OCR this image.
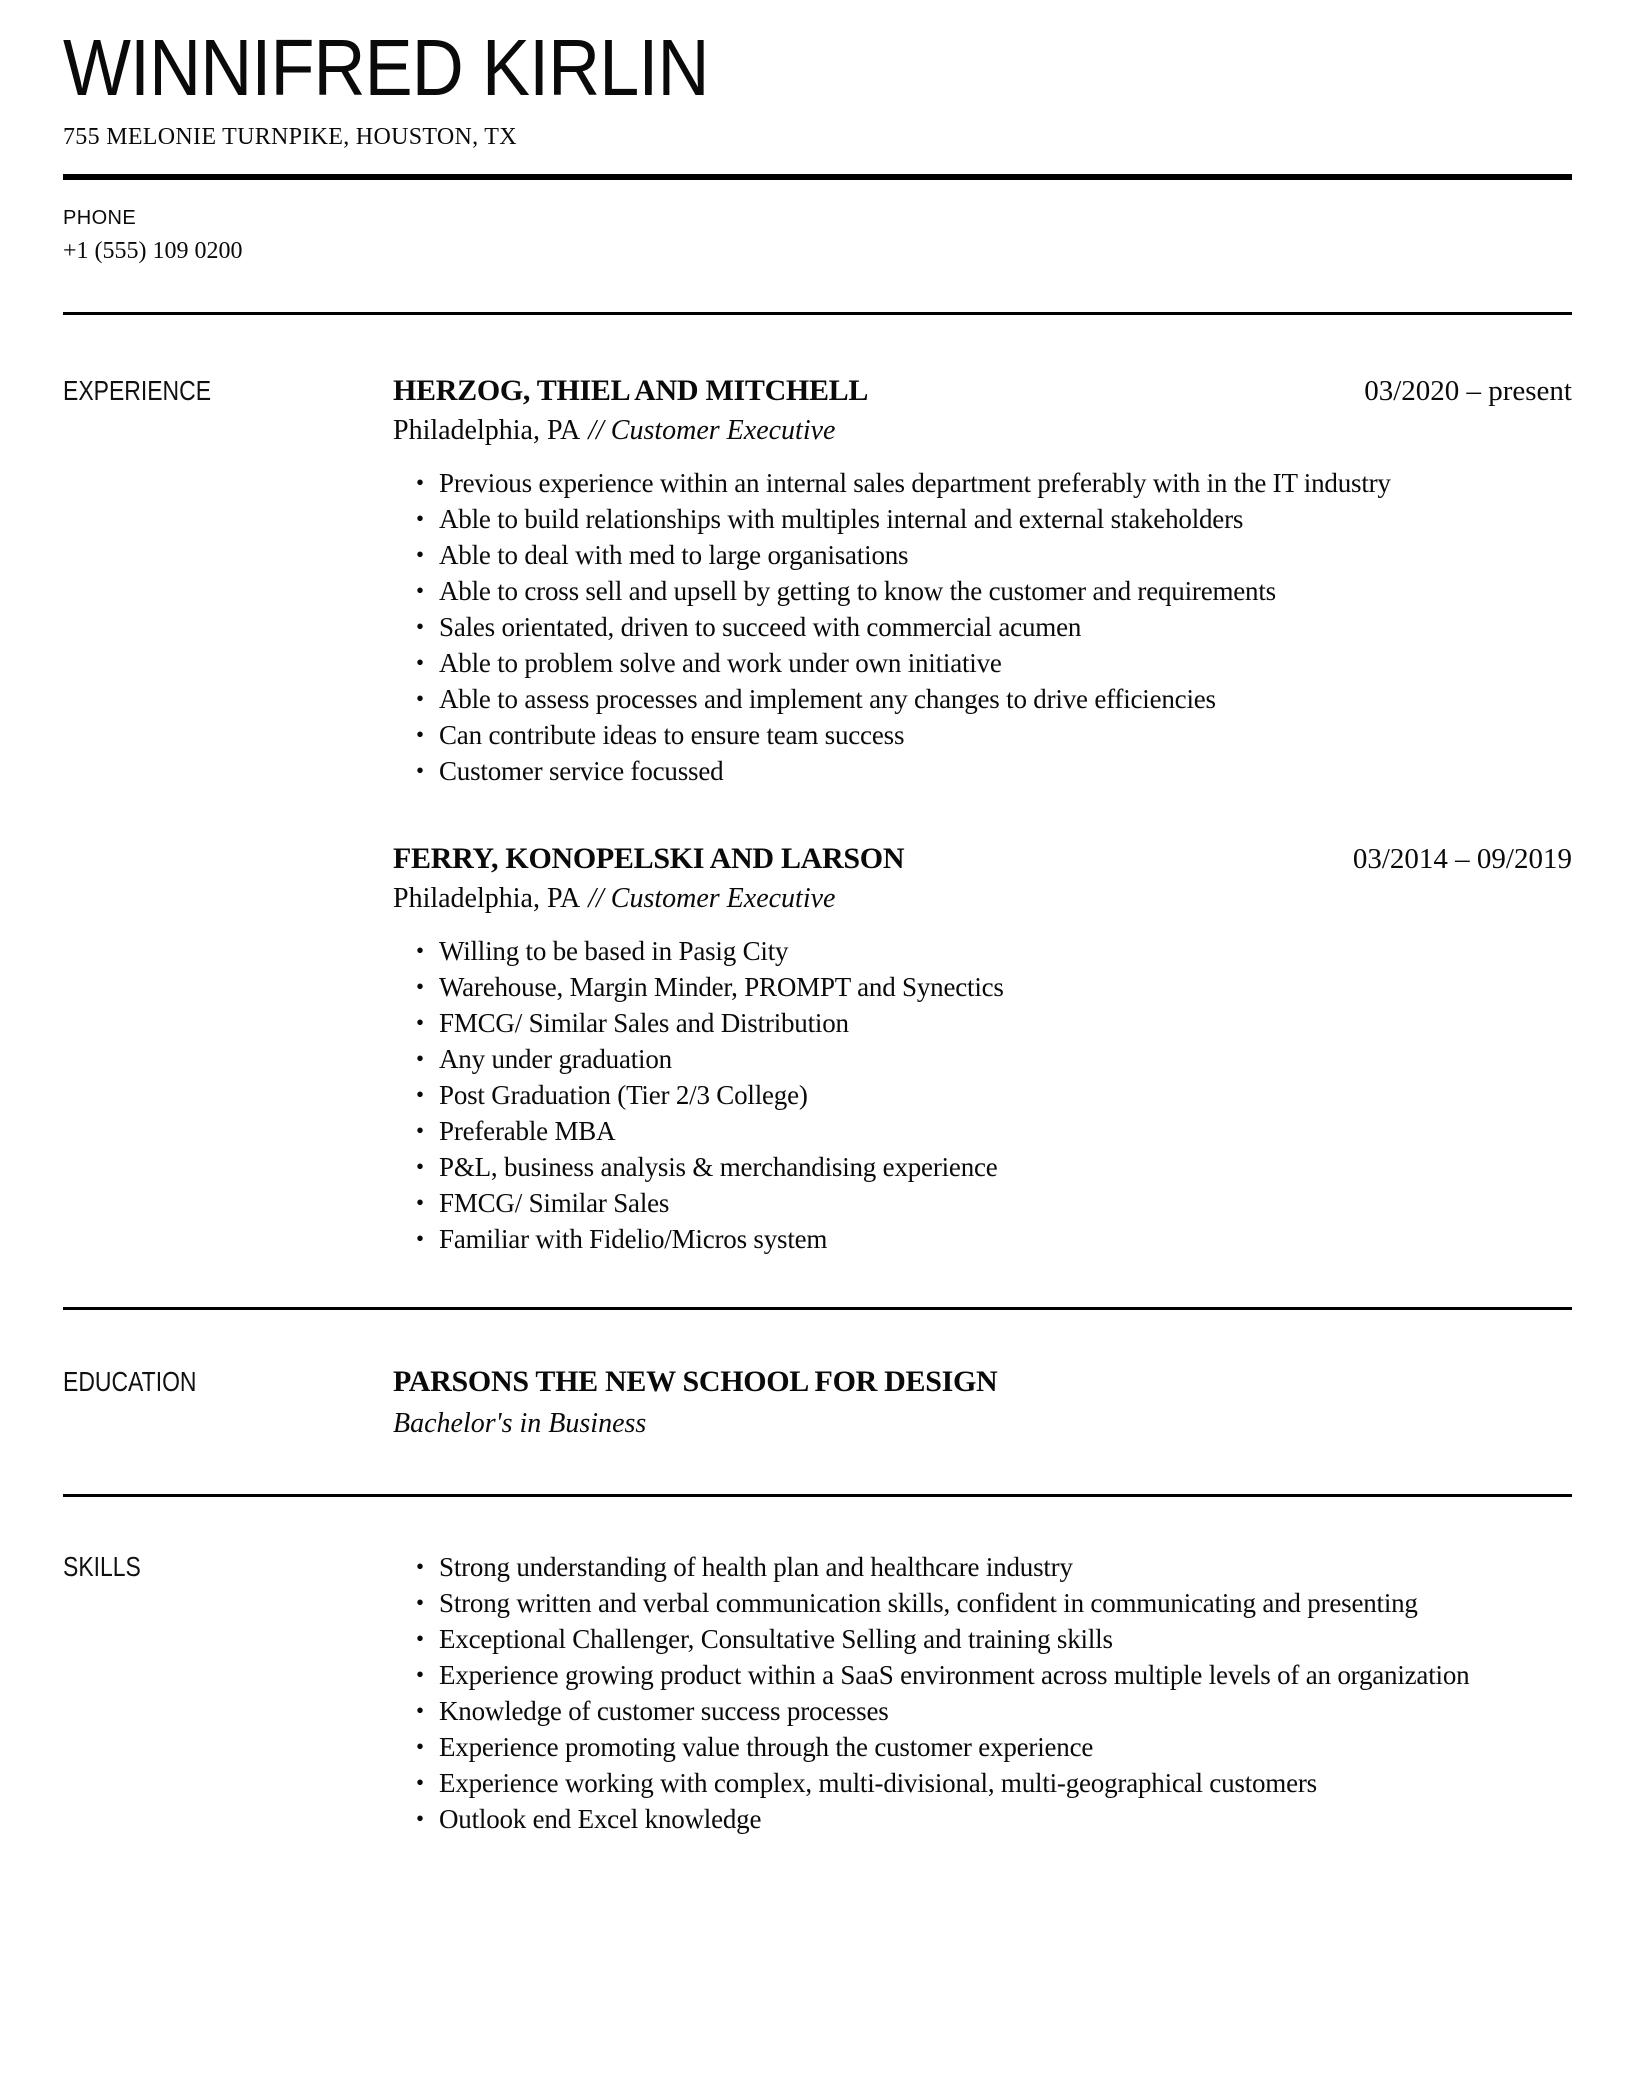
WINNIFRED KIRLIN
755 MELONIE TURNPIKE, HOUSTON, TX
PHONE
+1 (555) 109 0200
EXPERIENCE	HERZOG, THIEL AND MITCHELL	03/2020 – present
Philadelphia, PA // Customer Executive
• Previous experience within an internal sales department preferably with in the IT industry
• Able to build relationships with multiples internal and external stakeholders
• Able to deal with med to large organisations
• Able to cross sell and upsell by getting to know the customer and requirements
• Sales orientated, driven to succeed with commercial acumen
• Able to problem solve and work under own initiative
• Able to assess processes and implement any changes to drive efficiencies
• Can contribute ideas to ensure team success
• Customer service focussed
FERRY, KONOPELSKI AND LARSON	03/2014 – 09/2019
Philadelphia, PA // Customer Executive
• Willing to be based in Pasig City
• Warehouse, Margin Minder, PROMPT and Synectics
• FMCG/ Similar Sales and Distribution
• Any under graduation
• Post Graduation (Tier 2/3 College)
• Preferable MBA
• P&L, business analysis & merchandising experience
• FMCG/ Similar Sales
• Familiar with Fidelio/Micros system
EDUCATION	PARSONS THE NEW SCHOOL FOR DESIGN
Bachelor's in Business
SKILLS	• Strong understanding of health plan and healthcare industry
• Strong written and verbal communication skills, confident in communicating and presenting
• Exceptional Challenger, Consultative Selling and training skills
• Experience growing product within a SaaS environment across multiple levels of an organization
• Knowledge of customer success processes
• Experience promoting value through the customer experience
• Experience working with complex, multi-divisional, multi-geographical customers
• Outlook end Excel knowledge
